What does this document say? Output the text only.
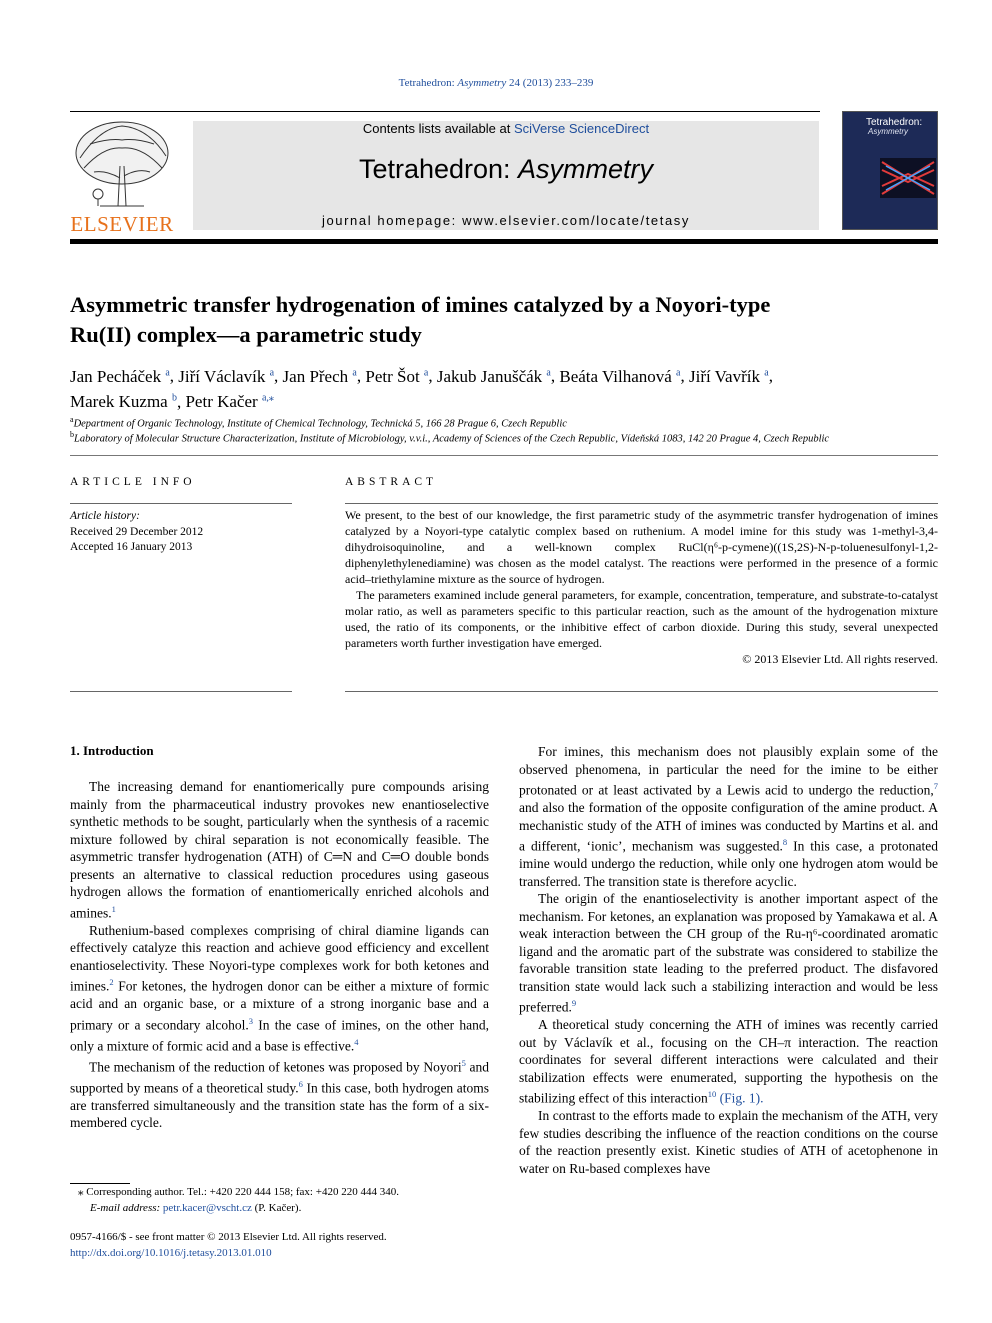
Tetrahedron: Asymmetry 24 (2013) 233–239
ELSEVIER
Contents lists available at SciVerse ScienceDirect
Tetrahedron: Asymmetry
journal homepage: www.elsevier.com/locate/tetasy
Tetrahedron:
Asymmetry
Asymmetric transfer hydrogenation of imines catalyzed by a Noyori-type
Ru(II) complex—a parametric study
Jan Pecháček $^a$, Jiří Václavík $^a$, Jan Přech $^a$, Petr Šot $^a$, Jakub Januščák $^a$, Beáta Vilhanová $^a$, Jiří Vavřík $^a$,
Marek Kuzma $^b$, Petr Kačer $^{a,⁎}$
$^a$Department of Organic Technology, Institute of Chemical Technology, Technická 5, 166 28 Prague 6, Czech Republic
$^b$Laboratory of Molecular Structure Characterization, Institute of Microbiology, v.v.i., Academy of Sciences of the Czech Republic, Vídeňská 1083, 142 20 Prague 4, Czech Republic
ARTICLE INFO
Article history:
Received 29 December 2012
Accepted 16 January 2013
ABSTRACT

We present, to the best of our knowledge, the first parametric study of the asymmetric transfer hydrogenation of imines catalyzed by a Noyori-type catalytic complex based on ruthenium. A model imine for this study was 1-methyl-3,4-dihydroisoquinoline, and a well-known complex RuCl(η⁶-p-cymene)((1S,2S)-N-p-toluenesulfonyl-1,2-diphenylethylenediamine) was chosen as the model catalyst. The reactions were performed in the presence of a formic acid–triethylamine mixture as the source of hydrogen.

The parameters examined include general parameters, for example, concentration, temperature, and substrate-to-catalyst molar ratio, as well as parameters specific to this particular reaction, such as the amount of the hydrogenation mixture used, the ratio of its components, or the inhibitive effect of carbon dioxide. During this study, several unexpected parameters worth further investigation have emerged.

© 2013 Elsevier Ltd. All rights reserved.
1. Introduction

The increasing demand for enantiomerically pure compounds arising mainly from the pharmaceutical industry provokes new enantioselective synthetic methods to be sought, particularly when the synthesis of a racemic mixture followed by chiral separation is not economically feasible. The asymmetric transfer hydrogenation (ATH) of C═N and C═O double bonds presents an alternative to classical reduction procedures using gaseous hydrogen allows the formation of enantiomerically enriched alcohols and amines.$^1$

Ruthenium-based complexes comprising of chiral diamine ligands can effectively catalyze this reaction and achieve good efficiency and excellent enantioselectivity. These Noyori-type complexes work for both ketones and imines.$^2$ For ketones, the hydrogen donor can be either a mixture of formic acid and an organic base, or a mixture of a strong inorganic base and a primary or a secondary alcohol.$^3$ In the case of imines, on the other hand, only a mixture of formic acid and a base is effective.$^4$

The mechanism of the reduction of ketones was proposed by Noyori$^5$ and supported by means of a theoretical study.$^6$ In this case, both hydrogen atoms are transferred simultaneously and the transition state has the form of a six-membered cycle.

For imines, this mechanism does not plausibly explain some of the observed phenomena, in particular the need for the imine to be either protonated or at least activated by a Lewis acid to undergo the reduction,$^7$ and also the formation of the opposite configuration of the amine product. A mechanistic study of the ATH of imines was conducted by Martins et al. and a different, ‘ionic’, mechanism was suggested.$^8$ In this case, a protonated imine would undergo the reduction, while only one hydrogen atom would be transferred. The transition state is therefore acyclic.

The origin of the enantioselectivity is another important aspect of the mechanism. For ketones, an explanation was proposed by Yamakawa et al. A weak interaction between the CH group of the Ru-η⁶-coordinated aromatic ligand and the aromatic part of the substrate was considered to stabilize the favorable transition state leading to the preferred product. The disfavored transition state would lack such a stabilizing interaction and would be less preferred.$^9$

A theoretical study concerning the ATH of imines was recently carried out by Václavík et al., focusing on the CH–π interaction. The reaction coordinates for several different interactions were calculated and their stabilization effects were enumerated, supporting the hypothesis on the stabilizing effect of this interaction$^{10}$ (Fig. 1).

In contrast to the efforts made to explain the mechanism of the ATH, very few studies describing the influence of the reaction conditions on the course of the reaction presently exist. Kinetic studies of ATH of acetophenone in water on Ru-based complexes have

⁎ Corresponding author. Tel.: +420 220 444 158; fax: +420 220 444 340.
E-mail address: petr.kacer@vscht.cz (P. Kačer).
0957-4166/$ - see front matter © 2013 Elsevier Ltd. All rights reserved.
http://dx.doi.org/10.1016/j.tetasy.2013.01.010
